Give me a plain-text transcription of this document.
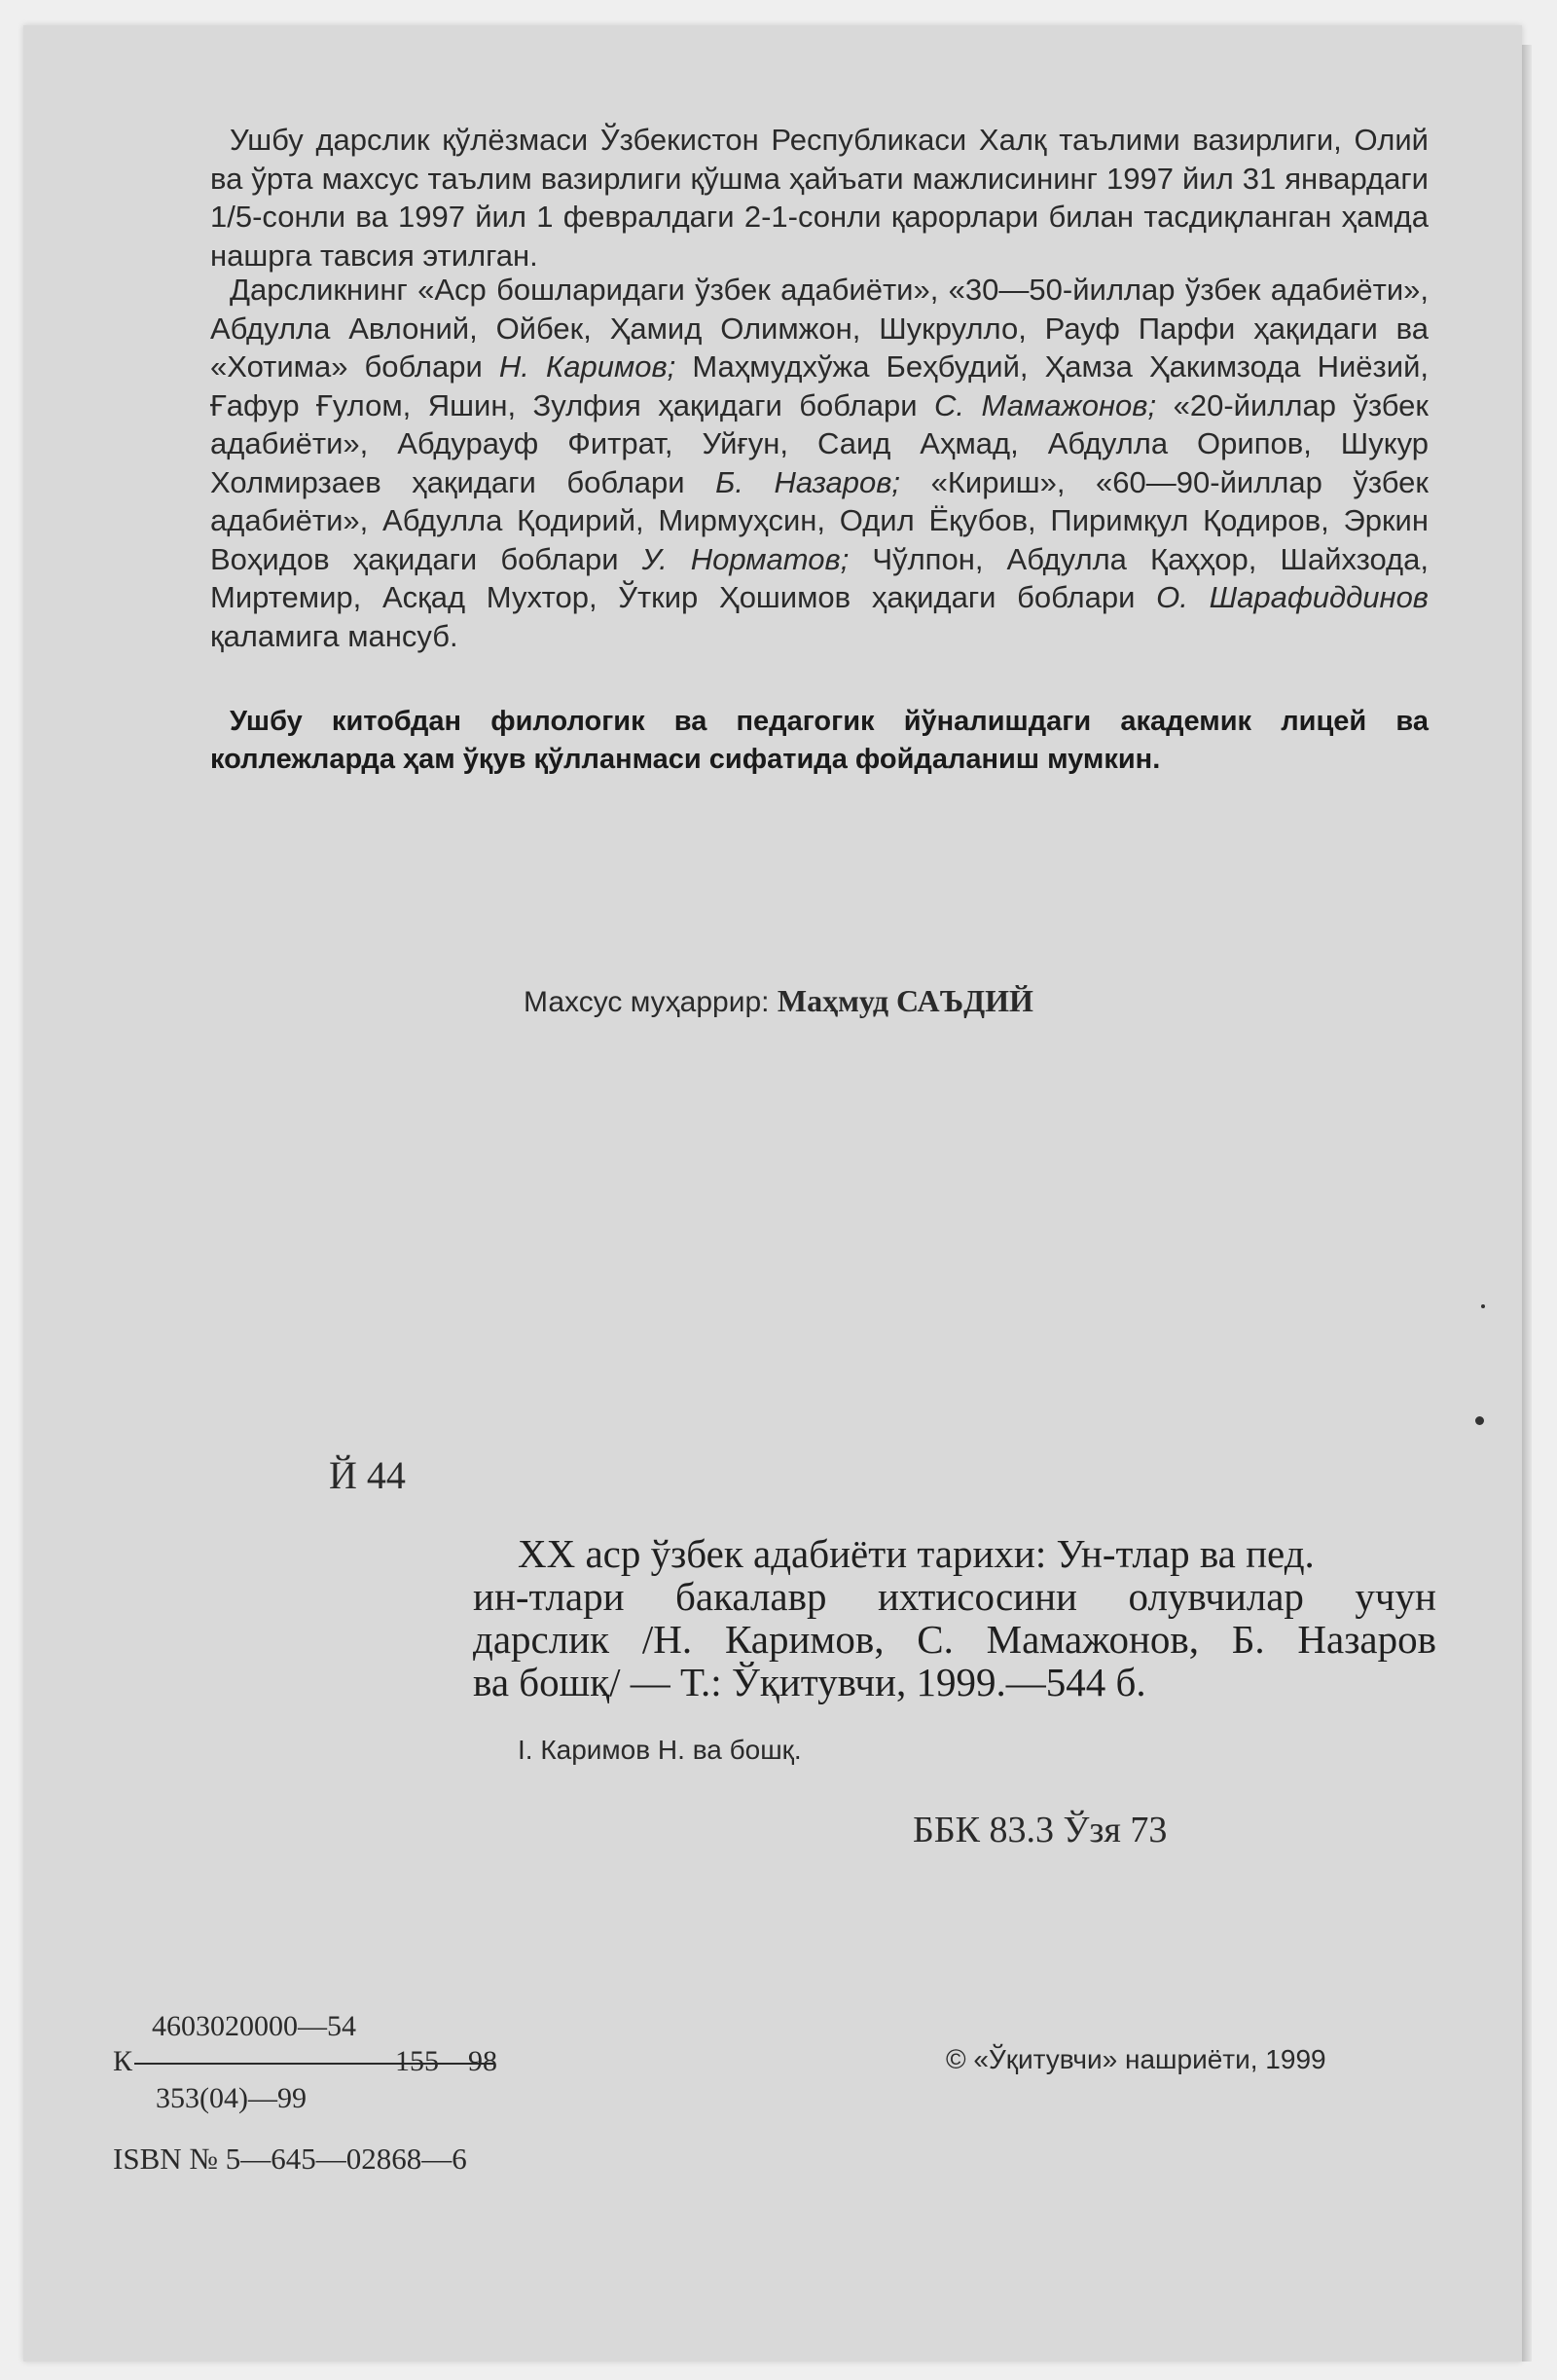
Ушбу дарслик қўлёзмаси Ўзбекистон Республикаси Халқ таълими вазирлиги, Олий ва ўрта махсус таълим вазирлиги қўшма ҳайъати мажлисининг 1997 йил 31 январдаги 1/5-сонли ва 1997 йил 1 февралдаги 2-1-сонли қарорлари билан тасдиқланган ҳамда нашрга тавсия этилган.

Дарсликнинг «Аср бошларидаги ўзбек адабиёти», «30—50-йиллар ўзбек адабиёти», Абдулла Авлоний, Ойбек, Ҳамид Олимжон, Шукрулло, Рауф Парфи ҳақидаги ва «Хотима» боблари Н. Каримов; Маҳмудхўжа Беҳбудий, Ҳамза Ҳакимзода Ниёзий, Ғафур Ғулом, Яшин, Зулфия ҳақидаги боблари С. Мамажонов; «20-йиллар ўзбек адабиёти», Абдурауф Фитрат, Уйғун, Саид Аҳмад, Абдулла Орипов, Шукур Холмирзаев ҳақидаги боблари Б. Назаров; «Кириш», «60—90-йиллар ўзбек адабиёти», Абдулла Қодирий, Мирмуҳсин, Одил Ёқубов, Пиримқул Қодиров, Эркин Воҳидов ҳақидаги боблари У. Норматов; Чўлпон, Абдулла Қаҳҳор, Шайхзода, Миртемир, Асқад Мухтор, Ўткир Ҳошимов ҳақидаги боблари О. Шарафиддинов қаламига мансуб.

Ушбу китобдан филологик ва педагогик йўналишдаги академик лицей ва коллежларда ҳам ўқув қўлланмаси сифатида фойдаланиш мумкин.

Махсус муҳаррир: Маҳмуд САЪДИЙ
Й 44

XX аср ўзбек адабиёти тарихи: Ун-тлар ва пед.
ин-тлари бакалавр ихтисосини олувчилар учун
дарслик /Н. Каримов, С. Мамажонов, Б. Назаров
ва бошқ/ — Т.: Ўқитувчи, 1999.—544 б.

I. Каримов Н. ва бошқ.
ББК 83.3 Ўзя 73
4603020000—54
К	155—98
353(04)—99
© «Ўқитувчи» нашриёти, 1999
ISBN № 5—645—02868—6
